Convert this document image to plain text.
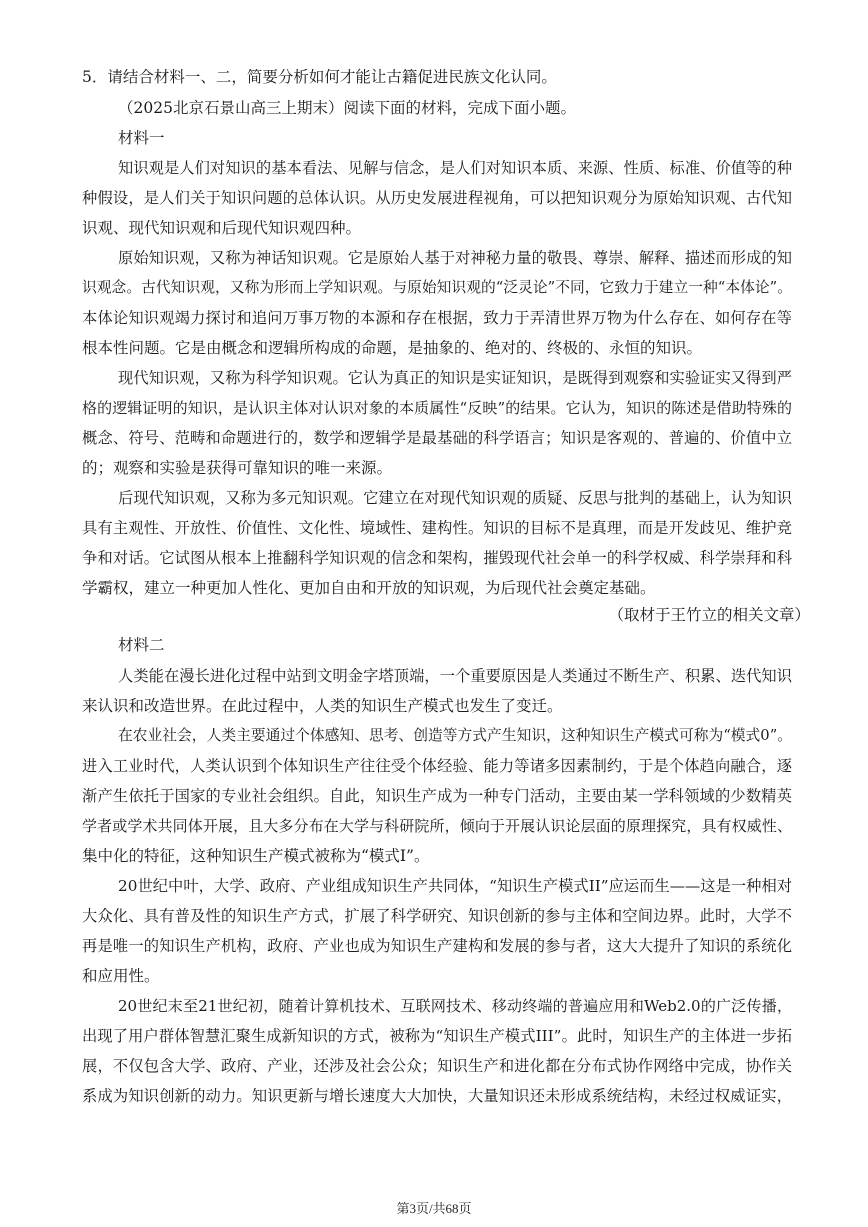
5．请结合材料一、二，简要分析如何才能让古籍促进民族文化认同。
（2025北京石景山高三上期末）阅读下面的材料，完成下面小题。
材料一
知识观是人们对知识的基本看法、见解与信念，是人们对知识本质、来源、性质、标准、价值等的种
种假设，是人们关于知识问题的总体认识。从历史发展进程视角，可以把知识观分为原始知识观、古代知
识观、现代知识观和后现代知识观四种。
原始知识观，又称为神话知识观。它是原始人基于对神秘力量的敬畏、尊崇、解释、描述而形成的知
识观念。古代知识观，又称为形而上学知识观。与原始知识观的“泛灵论”不同，它致力于建立一种“本体论”。
本体论知识观竭力探讨和追问万事万物的本源和存在根据，致力于弄清世界万物为什么存在、如何存在等
根本性问题。它是由概念和逻辑所构成的命题，是抽象的、绝对的、终极的、永恒的知识。
现代知识观，又称为科学知识观。它认为真正的知识是实证知识，是既得到观察和实验证实又得到严
格的逻辑证明的知识，是认识主体对认识对象的本质属性“反映”的结果。它认为，知识的陈述是借助特殊的
概念、符号、范畴和命题进行的，数学和逻辑学是最基础的科学语言；知识是客观的、普遍的、价值中立
的；观察和实验是获得可靠知识的唯一来源。
后现代知识观，又称为多元知识观。它建立在对现代知识观的质疑、反思与批判的基础上，认为知识
具有主观性、开放性、价值性、文化性、境域性、建构性。知识的目标不是真理，而是开发歧见、维护竞
争和对话。它试图从根本上推翻科学知识观的信念和架构，摧毁现代社会单一的科学权威、科学崇拜和科
学霸权，建立一种更加人性化、更加自由和开放的知识观，为后现代社会奠定基础。
（取材于王竹立的相关文章）
材料二
人类能在漫长进化过程中站到文明金字塔顶端，一个重要原因是人类通过不断生产、积累、迭代知识
来认识和改造世界。在此过程中，人类的知识生产模式也发生了变迁。
在农业社会，人类主要通过个体感知、思考、创造等方式产生知识，这种知识生产模式可称为“模式0”。
进入工业时代，人类认识到个体知识生产往往受个体经验、能力等诸多因素制约，于是个体趋向融合，逐
渐产生依托于国家的专业社会组织。自此，知识生产成为一种专门活动，主要由某一学科领域的少数精英
学者或学术共同体开展，且大多分布在大学与科研院所，倾向于开展认识论层面的原理探究，具有权威性、
集中化的特征，这种知识生产模式被称为“模式I”。
20世纪中叶，大学、政府、产业组成知识生产共同体，“知识生产模式II”应运而生——这是一种相对
大众化、具有普及性的知识生产方式，扩展了科学研究、知识创新的参与主体和空间边界。此时，大学不
再是唯一的知识生产机构，政府、产业也成为知识生产建构和发展的参与者，这大大提升了知识的系统化
和应用性。
20世纪末至21世纪初，随着计算机技术、互联网技术、移动终端的普遍应用和Web2.0的广泛传播，
出现了用户群体智慧汇聚生成新知识的方式，被称为“知识生产模式III”。此时，知识生产的主体进一步拓
展，不仅包含大学、政府、产业，还涉及社会公众；知识生产和进化都在分布式协作网络中完成，协作关
系成为知识创新的动力。知识更新与增长速度大大加快，大量知识还未形成系统结构，未经过权威证实，
第3页/共68页
